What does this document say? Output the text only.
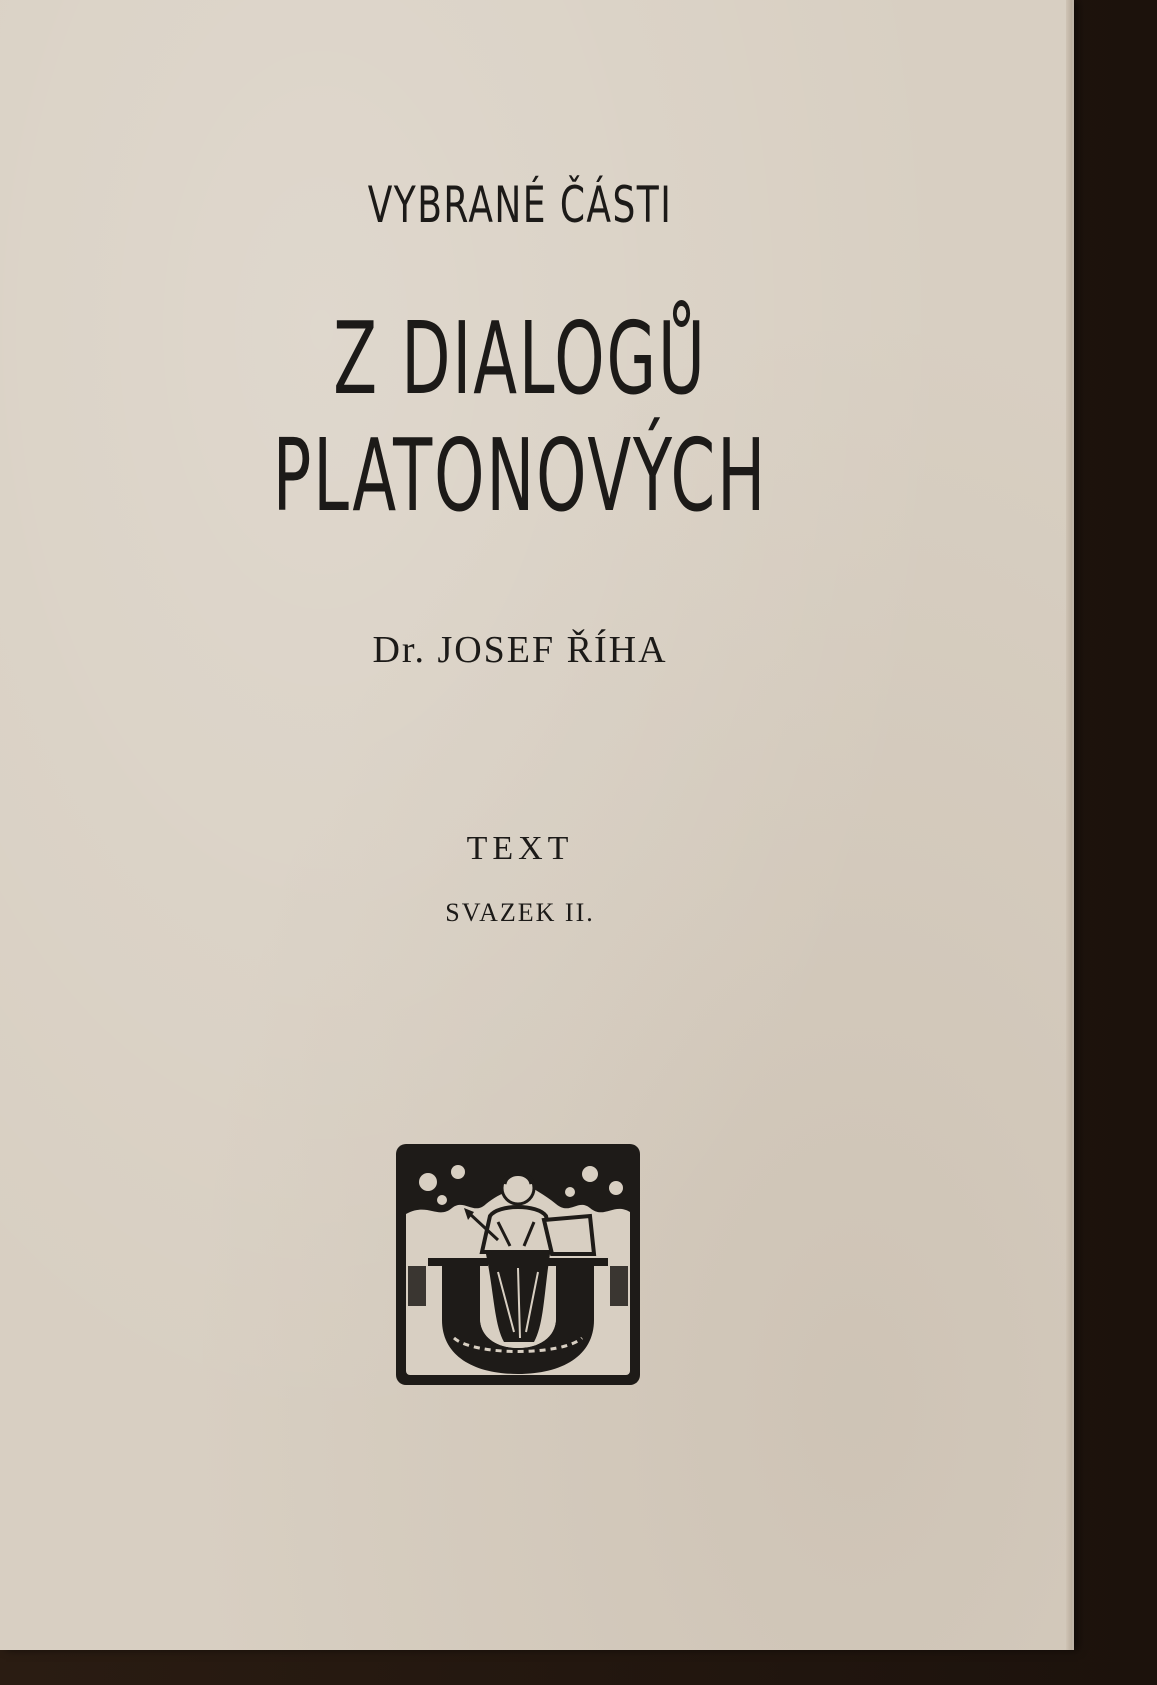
VYBRANÉ ČÁSTI
Z DIALOGŮ PLATONOVÝCH
Dr. JOSEF ŘÍHA
TEXT
SVAZEK II.
